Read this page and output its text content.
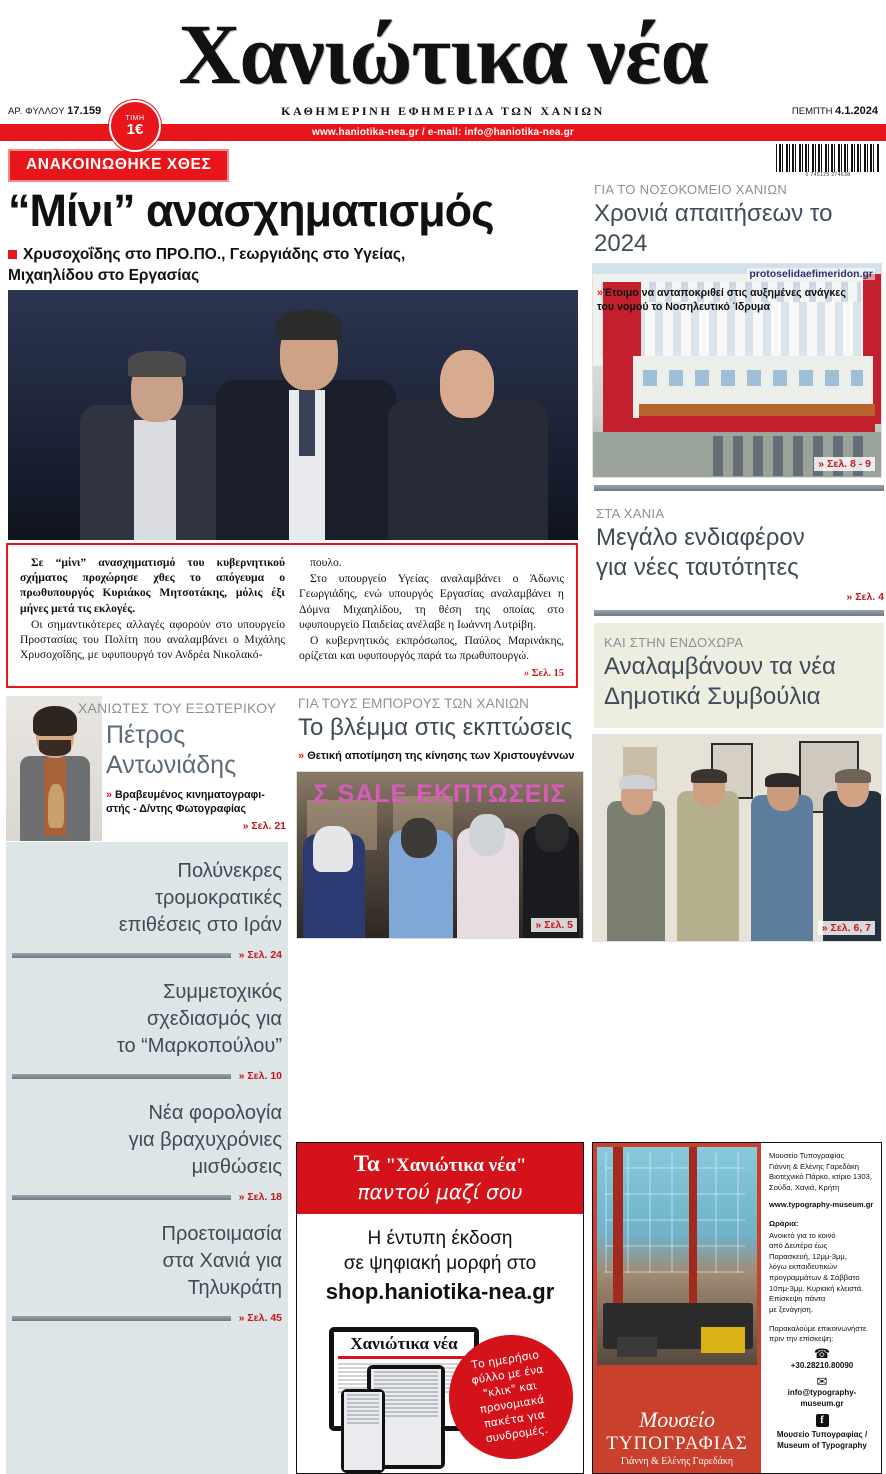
Χανιώτικα νέα
ΑΡ. ΦΥΛΛΟΥ 17.159	ΚΑΘΗΜΕΡΙΝΗ ΕΦΗΜΕΡΙΔΑ ΤΩΝ ΧΑΝΙΩΝ	ΠΕΜΠΤΗ 4.1.2024
www.haniotika-nea.gr / e-mail: info@haniotika-nea.gr
ΤΙΜΗ
1€
0 745125 274638
ΑΝΑΚΟΙΝΩΘΗΚΕ ΧΘΕΣ
“Μίνι” ανασχηματισμός
Χρυσοχοΐδης στο ΠΡΟ.ΠΟ., Γεωργιάδης στο Υγείας,
Μιχαηλίδου στο Εργασίας

Σε “μίνι” ανασχηματισμό του κυβερνητικού σχήματος προχώρησε χθες το απόγευμα ο πρωθυπουργός Κυριάκος Μητσοτάκης, μόλις έξι μήνες μετά τις εκλογές.

Οι σημαντικότερες αλλαγές αφορούν στο υπουργείο Προστασίας του Πολίτη που αναλαμβάνει ο Μιχάλης Χρυσοχοΐδης, με υφυπουργό τον Ανδρέα Νικολακό-

πουλο.

Στο υπουργείο Υγείας αναλαμβάνει ο Άδωνις Γεωργιάδης, ενώ υπουργός Εργασίας αναλαμβάνει η Δόμνα Μιχαηλίδου, τη θέση της οποίας στο υφυπουργείο Παιδείας ανέλαβε η Ιωάννη Λυτρίβη.

Ο κυβερνητικός εκπρόσωπος, Παύλος Μαρινάκης, ορίζεται και υφυπουργός παρά τω πρωθυπουργώ.

» Σελ. 15
ΧΑΝΙΩΤΕΣ ΤΟΥ ΕΞΩΤΕΡΙΚΟΥ
Πέτρος
Αντωνιάδης
» Βραβευμένος κινηματογραφι- στής - Δ/ντης Φωτογραφίας
» Σελ. 21
Πολύνεκρες
τρομοκρατικές
επιθέσεις στο Ιράν
» Σελ. 24
Συμμετοχικός
σχεδιασμός για
το “Μαρκοπούλου”
» Σελ. 10
Νέα φορολογία
για βραχυχρόνιες
μισθώσεις
» Σελ. 18
Προετοιμασία
στα Χανιά για
Τηλυκράτη
» Σελ. 45
ΓΙΑ ΤΟΥΣ ΕΜΠΟΡΟΥΣ ΤΩΝ ΧΑΝΙΩΝ
Το βλέμμα στις εκπτώσεις
» Θετική αποτίμηση της κίνησης των Χριστουγέννων
Σ SALE ΕΚΠΤΩΣΕΙΣ
» Σελ. 5
Τα "Χανιώτικα νέα"
παντού μαζί σου
Η έντυπη έκδοση
σε ψηφιακή μορφή στο
shop.haniotika-nea.gr
Χανιώτικα νέα
Το ημερήσιο φύλλο με ένα "κλικ" και προνομιακά πακέτα για συνδρομές.
ΓΙΑ ΤΟ ΝΟΣΟΚΟΜΕΙΟ ΧΑΝΙΩΝ
Χρονιά απαιτήσεων το 2024
protoselidaefimeridon.gr
»Έτοιμο να ανταποκριθεί στις αυξημένες ανάγκες
του νομού το Νοσηλευτικό Ίδρυμα
» Σελ. 8 - 9
ΣΤΑ ΧΑΝΙΑ
Μεγάλο ενδιαφέρον
για νέες ταυτότητες
» Σελ. 4
ΚΑΙ ΣΤΗΝ ΕΝΔΟΧΩΡΑ
Αναλαμβάνουν τα νέα
Δημοτικά Συμβούλια
» Σελ. 6, 7
Μουσείο
ΤΥΠΟΓΡΑΦΙΑΣ
Γιάννη & Ελένης Γαρεδάκη
Μουσείο Τυπογραφίας
Γιάννη & Ελένης Γαρεδάκη
Βιοτεχνικό Πάρκο, κτίριο 1303,
Σούδα, Χανιά, Κρήτη
www.typography-museum.gr
Ωράρια:
Ανοικτό για το κοινό
από Δευτέρα έως
Παρασκευή, 12μμ-3μμ,
λόγω εκπαιδευτικών
προγραμμάτων & Σάββατο
10πμ-3μμ. Κυριακή κλειστά.
Επίσκεψη πάντα
με ξενάγηση.
Παρακαλούμε επικοινωνήστε
πριν την επίσκεψη:
☎
+30.28210.80090
✉
info@typography-museum.gr
f
Μουσείο Τυπογραφίας /
Museum of Typography
